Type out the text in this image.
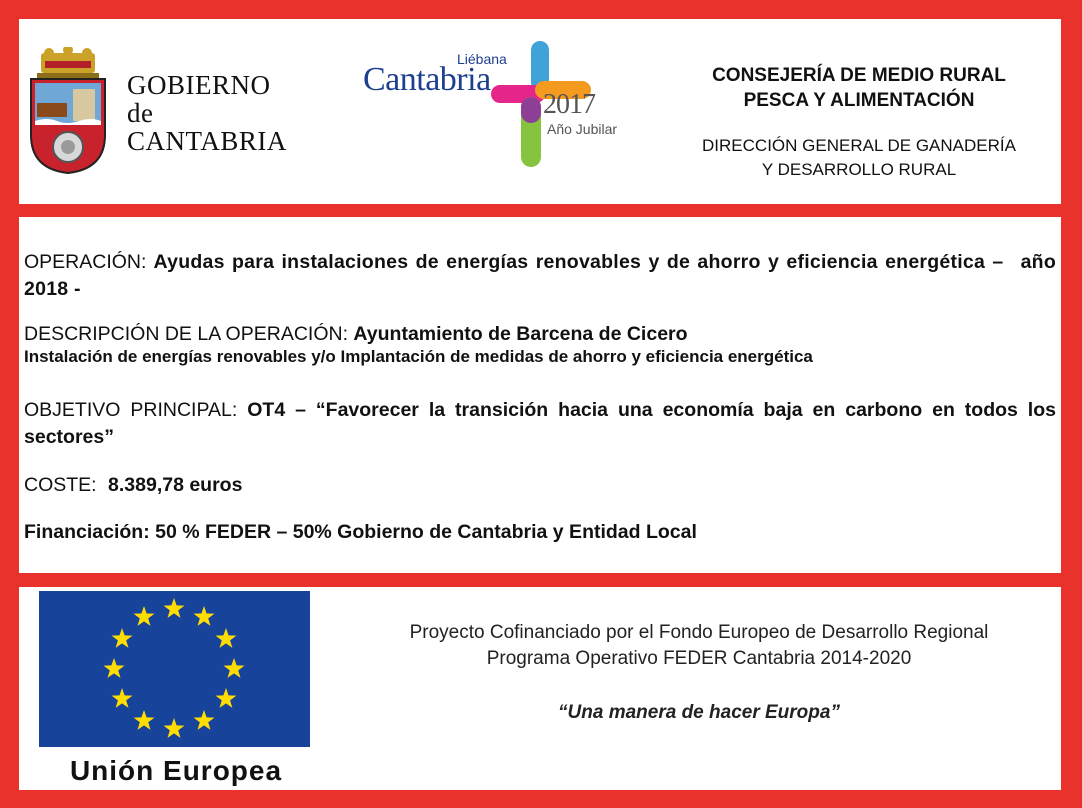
GOBIERNO
de
CANTABRIA
Liébana
Cantabria
2017
Año Jubilar
CONSEJERÍA DE MEDIO RURAL
PESCA Y ALIMENTACIÓN
DIRECCIÓN GENERAL DE GANADERÍA
Y DESARROLLO RURAL
OPERACIÓN: Ayudas para instalaciones de energías renovables y de ahorro y eficiencia energética – año 2018 -
DESCRIPCIÓN DE LA OPERACIÓN: Ayuntamiento de Barcena de Cicero
Instalación de energías renovables y/o Implantación de medidas de ahorro y eficiencia energética
OBJETIVO PRINCIPAL: OT4 – “Favorecer la transición hacia una economía baja en carbono en todos los sectores”
COSTE: 8.389,78 euros
Financiación: 50 % FEDER – 50% Gobierno de Cantabria y Entidad Local
Unión Europea
Proyecto Cofinanciado por el Fondo Europeo de Desarrollo Regional
Programa Operativo FEDER Cantabria 2014-2020
“Una manera de hacer Europa”
